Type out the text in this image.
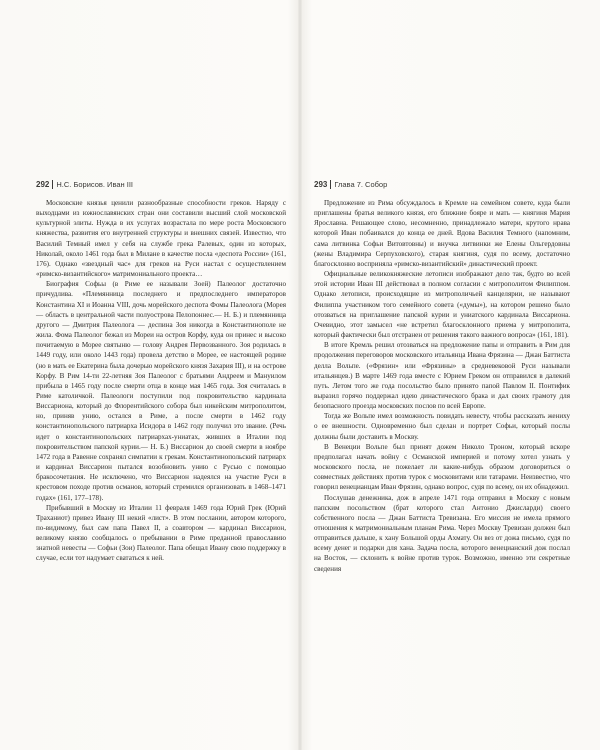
292 Н.С. Борисов. Иван III

Московские князья ценили разнообразные способности греков. Наряду с выходцами из южнославянских стран они составили высший слой московской культурной элиты. Нужда в их услугах возрастала по мере роста Московского княжества, развития его внутренней структуры и внешних связей. Известно, что Василий Темный имел у себя на службе грека Ралевых, один из которых, Николай, около 1461 года был в Милане в качестве посла «деспота России» (161, 176). Однако «звездный час» для греков на Руси настал с осуществлением «римско-византийского» матримониального проекта…

Биография Софьы (в Риме ее называли Зоей) Палеолог достаточно причудлива. «Племянница последнего и предпоследнего императоров Константина XI и Иоанна VIII, дочь морейского деспота Фомы Палеолога (Морея — область в центральной части полуострова Пелопоннес.— Н. Б.) и племянница другого — Дмитрия Палеолога — деспина Зоя никогда в Константинополе не жила. Фома Палеолог бежал из Мореи на остров Корфу, куда он принес и высоко почитаемую в Морее святыню — голову Андрея Первозванного. Зоя родилась в 1449 году, или около 1443 года) провела детство в Морее, ее настоящей родине (но в мать ее Екатерина была дочерью морейского князя Захария III), и на острове Корфу. В Рим 14-ти 22-летняя Зоя Палеолог с братьями Андреем и Мануилом прибыла в 1465 году после смерти отца в конце мая 1465 года. Зоя считалась в Риме католичкой. Палеологи поступили под покровительство кардинала Виссариона, который до Флорентийского собора был никейским митрополитом, но, приняв унию, остался в Риме, а после смерти в 1462 году константинопольского патриарха Исидора в 1462 году получил это звание. (Речь идет о константинопольских патриархах-униатах, живших в Италии под покровительством папской курии.— Н. Б.) Виссарион до своей смерти в ноябре 1472 года в Равенне сохранял симпатии к грекам. Константинопольский патриарх и кардинал Виссарион пытался возобновить унию с Русью с помощью бракосочетания. Не исключено, что Виссарион надеялся на участие Руси в крестовом походе против османов, который стремился организовать в 1468–1471 годах» (161, 177–178).

Прибывший в Москву из Италии 11 февраля 1469 года Юрий Грек (Юрий Траханиот) привез Ивану III некий «лист». В этом послании, автором которого, по-видимому, был сам папа Павел II, а соавтором — кардинал Виссарион, великому князю сообщалось о пребывании в Риме преданной православию знатной невесты — Софьи (Зои) Палеолог. Папа обещал Ивану свою поддержку в случае, если тот надумает свататься к ней.

293 Глава 7. Собор

Предложение из Рима обсуждалось в Кремле на семейном совете, куда были приглашены братья великого князя, его ближние бояре и мать — княгиня Мария Ярославна. Решающее слово, несомненно, принадлежало матери, крутого нрава которой Иван побаивался до конца ее дней. Вдова Василия Темного (напомним, сама литвинка Софьи Витовтовны) и внучка литвинки же Елены Ольгердовны (жены Владимира Серпуховского), старая княгиня, судя по всему, достаточно благосклонно восприняла «римско-византийский» династический проект.

Официальные великокняжеские летописи изображают дело так, будто во всей этой истории Иван III действовал в полном согласии с митрополитом Филиппом. Однако летописи, происходящие из митрополичьей канцелярии, не называют Филиппа участником того семейного совета («думы»), на котором решено было отозваться на приглашение папской курии и униатского кардинала Виссариона. Очевидно, этот замысел «не встретил благосклонного приема у митрополита, который фактически был отстранен от решения такого важного вопроса» (161, 181).

В итоге Кремль решил отозваться на предложение папы и отправить в Рим для продолжения переговоров московского итальянца Ивана Фрязина — Джан Баттиста делла Вольпе. («Фрязин» или «Фрязины» в средневековой Руси называли итальянцев.) В марте 1469 года вместе с Юрием Греком он отправился в далекий путь. Летом того же года посольство было принято папой Павлом II. Понтифик выразил горячо поддержал идею династического брака и дал своих грамоту для безопасного проезда московских послов по всей Европе.

Тогда же Вольпе имел возможность повидать невесту, чтобы рассказать жениху о ее внешности. Одновременно был сделан и портрет Софьи, который послы должны были доставить в Москву.

В Венеции Вольпе был принят дожем Николо Троном, который вскоре предполагал начать войну с Османской империей и потому хотел узнать у московского посла, не пожелает ли какие-нибудь образом договориться о совместных действиях против турок с московитами или татарами. Неизвестно, что говорил венецианцам Иван Фрязин, однако вопрос, судя по всему, он их обнадежил.

Послушав денежника, дож в апреле 1471 года отправил в Москву с новым папским посольством (брат которого стал Антонио Джисларди) своего собственного посла — Джан Баттиста Тревизана. Его миссия не имела прямого отношения к матримониальным планам Рима. Через Москву Тревизан должен был отправиться дальше, к хану Большой орды Ахмату. Он вез от дожа письмо, судя по всему денег и подарки для хана. Задача посла, которого венецианский дож послал на Восток, — склонить к войне против турок. Возможно, именно эти секретные сведения
